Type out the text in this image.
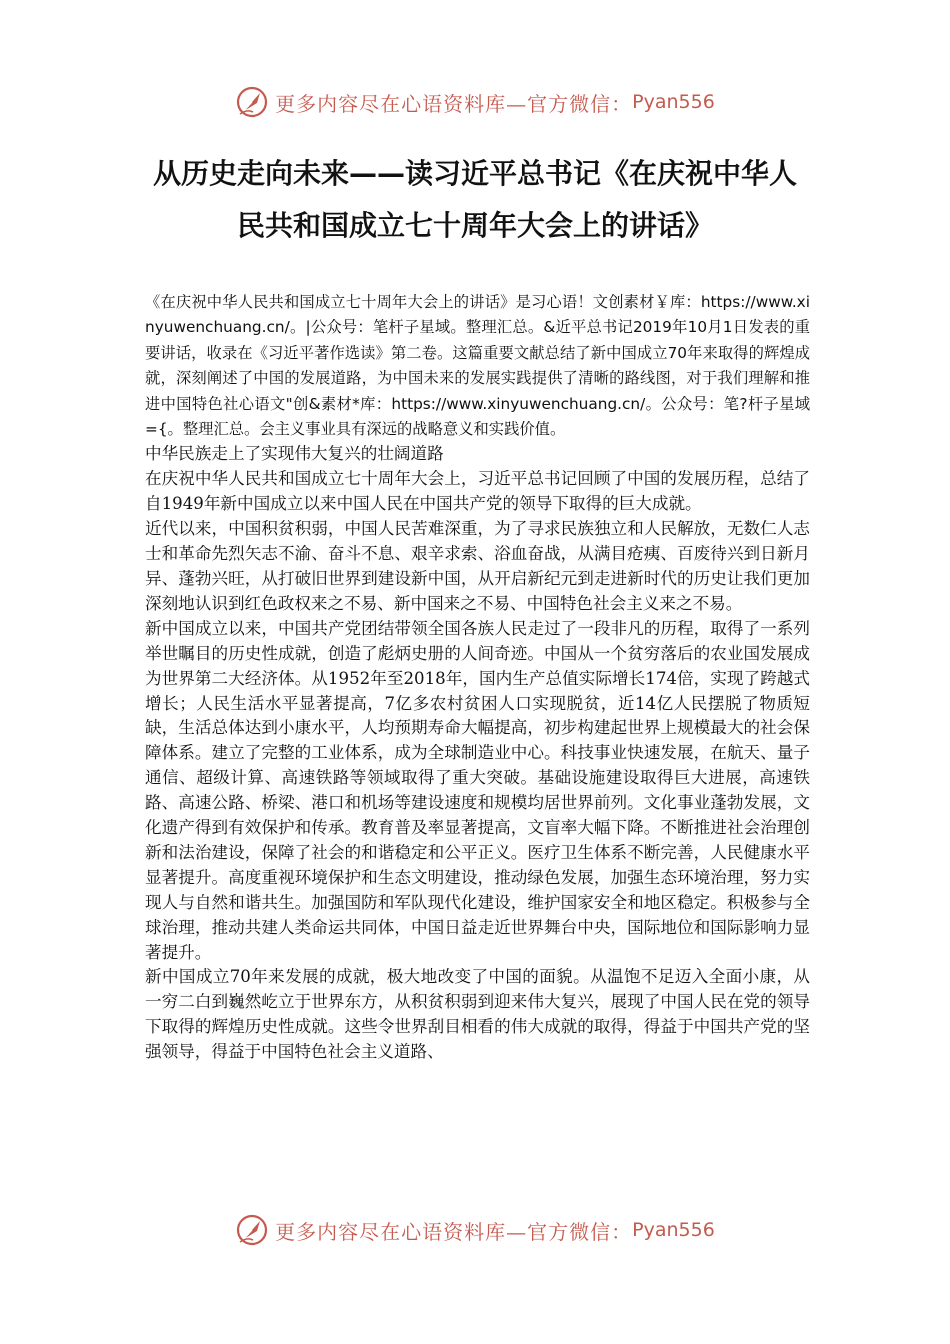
更多内容尽在心语资料库—官方微信： Pyan556
从历史走向未来——读习近平总书记《在庆祝中华人
民共和国成立七十周年大会上的讲话》

《在庆祝中华人民共和国成立七十周年大会上的讲话》是习心语！文创素材￥库：https://www.xinyuwenchuang.cn/。|公众号：笔杆子星域。整理汇总。&近平总书记2019年10月1日发表的重要讲话，收录在《习近平著作选读》第二卷。这篇重要文献总结了新中国成立70年来取得的辉煌成就，深刻阐述了中国的发展道路，为中国未来的发展实践提供了清晰的路线图，对于我们理解和推进中国特色社心语文"创&素材*库：https://www.xinyuwenchuang.cn/。公众号：笔?杆子星域={。整理汇总。会主义事业具有深远的战略意义和实践价值。

中华民族走上了实现伟大复兴的壮阔道路

在庆祝中华人民共和国成立七十周年大会上，习近平总书记回顾了中国的发展历程，总结了自1949年新中国成立以来中国人民在中国共产党的领导下取得的巨大成就。

近代以来，中国积贫积弱，中国人民苦难深重，为了寻求民族独立和人民解放，无数仁人志士和革命先烈矢志不渝、奋斗不息、艰辛求索、浴血奋战，从满目疮痍、百废待兴到日新月异、蓬勃兴旺，从打破旧世界到建设新中国，从开启新纪元到走进新时代的历史让我们更加深刻地认识到红色政权来之不易、新中国来之不易、中国特色社会主义来之不易。

新中国成立以来，中国共产党团结带领全国各族人民走过了一段非凡的历程，取得了一系列举世瞩目的历史性成就，创造了彪炳史册的人间奇迹。中国从一个贫穷落后的农业国发展成为世界第二大经济体。从1952年至2018年，国内生产总值实际增长174倍，实现了跨越式增长；人民生活水平显著提高，7亿多农村贫困人口实现脱贫，近14亿人民摆脱了物质短缺，生活总体达到小康水平，人均预期寿命大幅提高，初步构建起世界上规模最大的社会保障体系。建立了完整的工业体系，成为全球制造业中心。科技事业快速发展，在航天、量子通信、超级计算、高速铁路等领域取得了重大突破。基础设施建设取得巨大进展，高速铁路、高速公路、桥梁、港口和机场等建设速度和规模均居世界前列。文化事业蓬勃发展，文化遗产得到有效保护和传承。教育普及率显著提高，文盲率大幅下降。不断推进社会治理创新和法治建设，保障了社会的和谐稳定和公平正义。医疗卫生体系不断完善，人民健康水平显著提升。高度重视环境保护和生态文明建设，推动绿色发展，加强生态环境治理，努力实现人与自然和谐共生。加强国防和军队现代化建设，维护国家安全和地区稳定。积极参与全球治理，推动共建人类命运共同体，中国日益走近世界舞台中央，国际地位和国际影响力显著提升。

新中国成立70年来发展的成就，极大地改变了中国的面貌。从温饱不足迈入全面小康，从一穷二白到巍然屹立于世界东方，从积贫积弱到迎来伟大复兴，展现了中国人民在党的领导下取得的辉煌历史性成就。这些令世界刮目相看的伟大成就的取得，得益于中国共产党的坚强领导，得益于中国特色社会主义道路、

更多内容尽在心语资料库—官方微信： Pyan556
